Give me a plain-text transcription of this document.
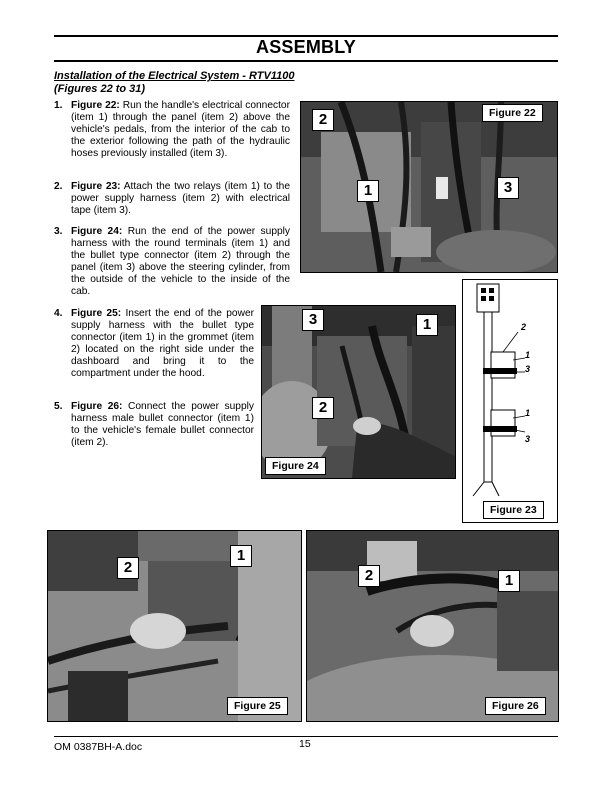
ASSEMBLY
Installation of the Electrical System - RTV1100
(Figures 22 to 31)
1. Figure 22: Run the handle's electrical connector (item 1) through the panel (item 2) above the vehicle's pedals, from the interior of the cab to the exterior following the path of the hydraulic hoses previously installed (item 3).
2. Figure 23: Attach the two relays (item 1) to the power supply harness (item 2) with electrical tape (item 3).
3. Figure 24: Run the end of the power supply harness with the round terminals (item 1) and the bullet type connector (item 2) through the panel (item 3) above the steering cylinder, from the outside of the vehicle to the inside of the cab.
4. Figure 25: Insert the end of the power supply harness with the bullet type connector (item 1) in the grommet (item 2) located on the right side under the dashboard and bring it to the compartment under the hood.
5. Figure 26: Connect the power supply harness male bullet connector (item 1) to the vehicle's female bullet connector (item 2).
2
1	3
Figure 22
2
1
3
1
3
Figure 23
3	1
2
Figure 24
2
1
Figure 25
2	1
Figure 26
OM 0387BH-A.doc	15
